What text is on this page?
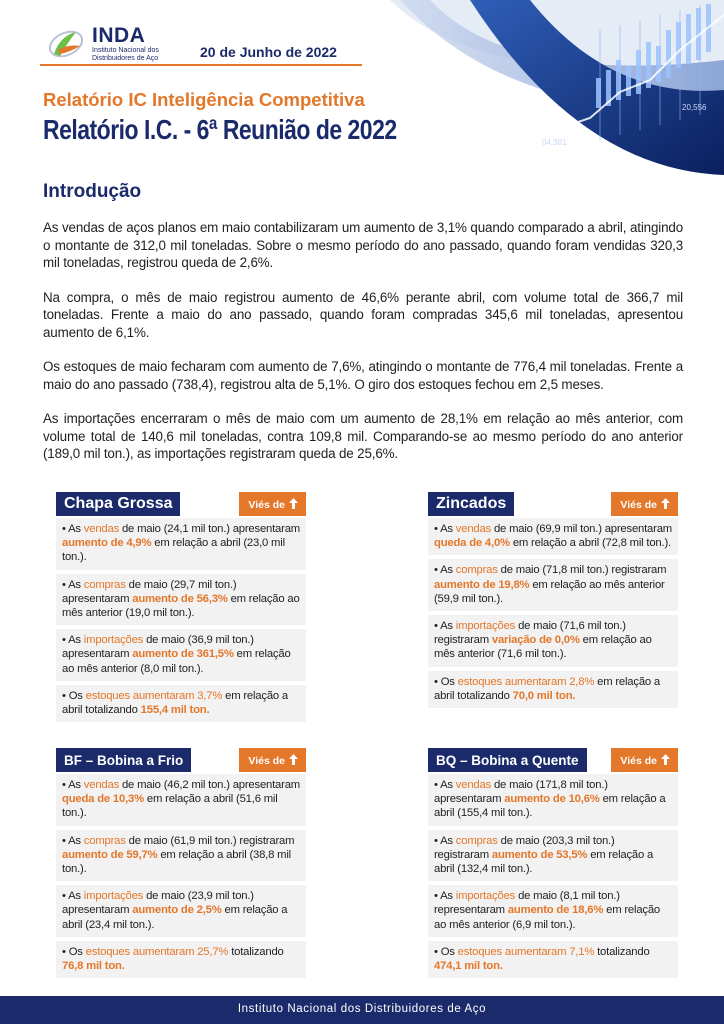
20,556
04.381
INDA
Instituto Nacional dos
Distribuidores de Aço	20 de Junho de 2022
Relatório IC Inteligência Competitiva
Relatório I.C. - 6ª Reunião de 2022
Introdução

As vendas de aços planos em maio contabilizaram um aumento de 3,1% quando comparado a abril, atingindo o montante de 312,0 mil toneladas. Sobre o mesmo período do ano passado, quando foram vendidas 320,3 mil toneladas, registrou queda de 2,6%.

Na compra, o mês de maio registrou aumento de 46,6% perante abril, com volume total de 366,7 mil toneladas. Frente a maio do ano passado, quando foram compradas 345,6 mil toneladas, apresentou aumento de 6,1%.

Os estoques de maio fecharam com aumento de 7,6%, atingindo o montante de 776,4 mil toneladas. Frente a maio do ano passado (738,4), registrou alta de 5,1%. O giro dos estoques fechou em 2,5 meses.

As importações encerraram o mês de maio com um aumento de 28,1% em relação ao mês anterior, com volume total de 140,6 mil toneladas, contra 109,8 mil. Comparando-se ao mesmo período do ano anterior (189,0 mil ton.), as importações registraram queda de 25,6%.

Chapa Grossa	Viés de
• As vendas de maio (24,1 mil ton.) apresentaram aumento de 4,9% em relação a abril (23,0 mil ton.).
• As compras de maio (29,7 mil ton.) apresentaram aumento de 56,3% em relação ao mês anterior (19,0 mil ton.).
• As importações de maio (36,9 mil ton.) apresentaram aumento de 361,5% em relação ao mês anterior (8,0 mil ton.).
• Os estoques aumentaram 3,7% em relação a abril totalizando 155,4 mil ton.
Zincados	Viés de
• As vendas de maio (69,9 mil ton.) apresentaram queda de 4,0% em relação a abril (72,8 mil ton.).
• As compras de maio (71,8 mil ton.) registraram aumento de 19,8% em relação ao mês anterior (59,9 mil ton.).
• As importações de maio (71,6 mil ton.) registraram variação de 0,0% em relação ao mês anterior (71,6 mil ton.).
• Os estoques aumentaram 2,8% em relação a abril totalizando 70,0 mil ton.
BF – Bobina a Frio	Viés de
• As vendas de maio (46,2 mil ton.) apresentaram queda de 10,3% em relação a abril (51,6 mil ton.).
• As compras de maio (61,9 mil ton.) registraram aumento de 59,7% em relação a abril (38,8 mil ton.).
• As importações de maio (23,9 mil ton.) apresentaram aumento de 2,5% em relação a abril (23,4 mil ton.).
• Os estoques aumentaram 25,7% totalizando 76,8 mil ton.
BQ – Bobina a Quente	Viés de
• As vendas de maio (171,8 mil ton.) apresentaram aumento de 10,6% em relação a abril (155,4 mil ton.).
• As compras de maio (203,3 mil ton.) registraram aumento de 53,5% em relação a abril (132,4 mil ton.).
• As importações de maio (8,1 mil ton.) representaram aumento de 18,6% em relação ao mês anterior (6,9 mil ton.).
• Os estoques aumentaram 7,1% totalizando 474,1 mil ton.
Instituto Nacional dos Distribuidores de Aço
